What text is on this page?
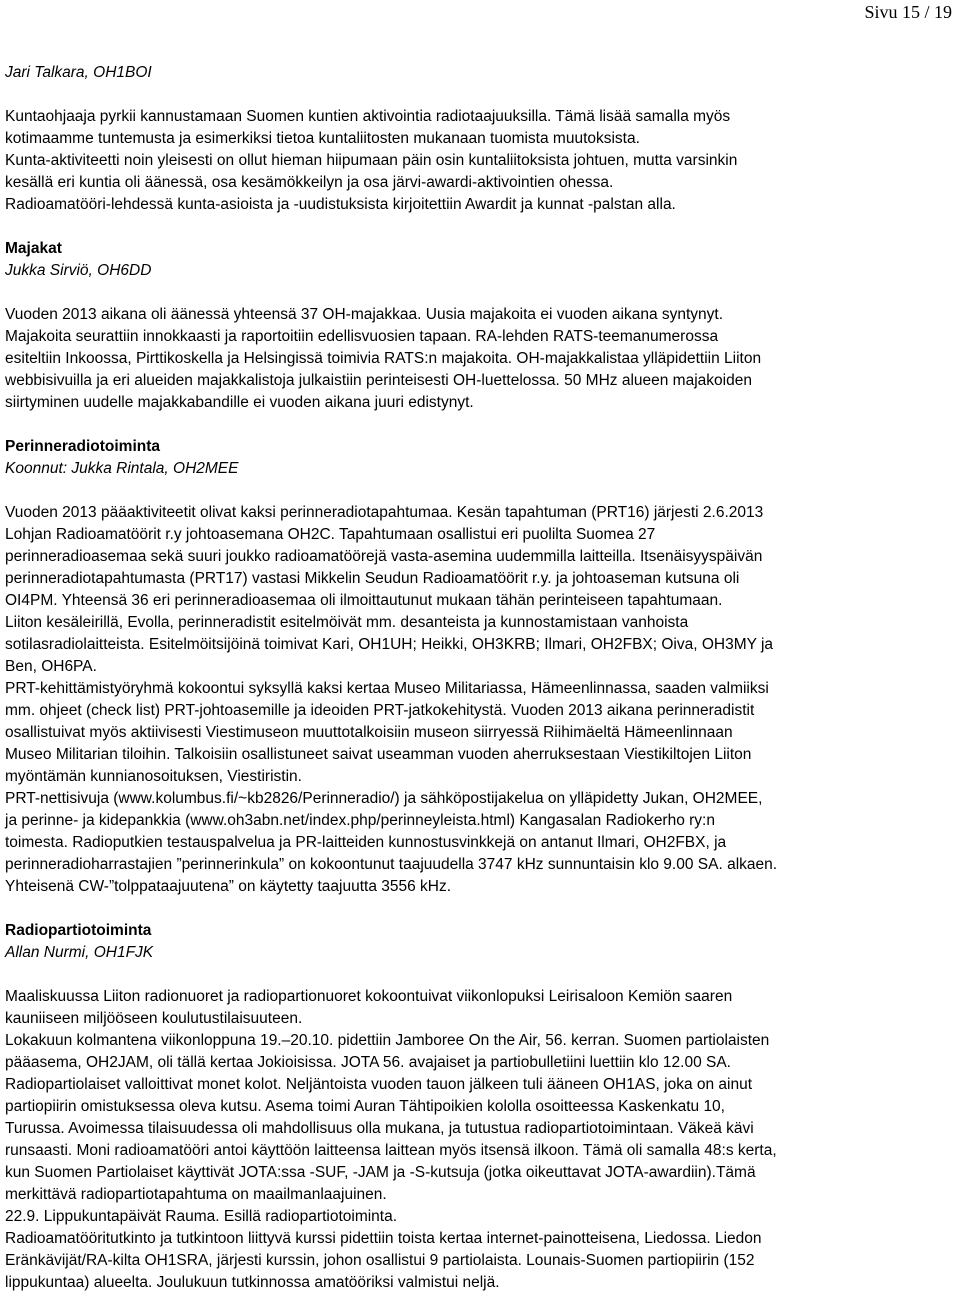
Sivu 15 / 19

Jari Talkara, OH1BOI

Kuntaohjaaja pyrkii kannustamaan Suomen kuntien aktivointia radiotaajuuksilla. Tämä lisää samalla myös
kotimaamme tuntemusta ja esimerkiksi tietoa kuntaliitosten mukanaan tuomista muutoksista.
Kunta-aktiviteetti noin yleisesti on ollut hieman hiipumaan päin osin kuntaliitoksista johtuen, mutta varsinkin
kesällä eri kuntia oli äänessä, osa kesämökkeilyn ja osa järvi-awardi-aktivointien ohessa.
Radioamatööri-lehdessä kunta-asioista ja -uudistuksista kirjoitettiin Awardit ja kunnat -palstan alla.

Majakat

Jukka Sirviö, OH6DD

Vuoden 2013 aikana oli äänessä yhteensä 37 OH-majakkaa. Uusia majakoita ei vuoden aikana syntynyt.
Majakoita seurattiin innokkaasti ja raportoitiin edellisvuosien tapaan. RA-lehden RATS-teemanumerossa
esiteltiin Inkoossa, Pirttikoskella ja Helsingissä toimivia RATS:n majakoita. OH-majakkalistaa ylläpidettiin Liiton
webbisivuilla ja eri alueiden majakkalistoja julkaistiin perinteisesti OH-luettelossa. 50 MHz alueen majakoiden
siirtyminen uudelle majakkabandille ei vuoden aikana juuri edistynyt.

Perinneradiotoiminta

Koonnut: Jukka Rintala, OH2MEE

Vuoden 2013 pääaktiviteetit olivat kaksi perinneradiotapahtumaa. Kesän tapahtuman (PRT16) järjesti 2.6.2013
Lohjan Radioamatöörit r.y johtoasemana OH2C. Tapahtumaan osallistui eri puolilta Suomea 27
perinneradioasemaa sekä suuri joukko radioamatöörejä vasta-asemina uudemmilla laitteilla. Itsenäisyyspäivän
perinneradiotapahtumasta (PRT17) vastasi Mikkelin Seudun Radioamatöörit r.y. ja johtoaseman kutsuna oli
OI4PM. Yhteensä 36 eri perinneradioasemaa oli ilmoittautunut mukaan tähän perinteiseen tapahtumaan.
Liiton kesäleirillä, Evolla, perinneradistit esitelmöivät mm. desanteista ja kunnostamistaan vanhoista
sotilasradiolaitteista. Esitelmöitsijöinä toimivat Kari, OH1UH; Heikki, OH3KRB; Ilmari, OH2FBX; Oiva, OH3MY ja
Ben, OH6PA.
PRT-kehittämistyöryhmä kokoontui syksyllä kaksi kertaa Museo Militariassa, Hämeenlinnassa, saaden valmiiksi
mm. ohjeet (check list) PRT-johtoasemille ja ideoiden PRT-jatkokehitystä. Vuoden 2013 aikana perinneradistit
osallistuivat myös aktiivisesti Viestimuseon muuttotalkoisiin museon siirryessä Riihimäeltä Hämeenlinnaan
Museo Militarian tiloihin. Talkoisiin osallistuneet saivat useamman vuoden aherruksestaan Viestikiltojen Liiton
myöntämän kunnianosoituksen, Viestiristin.
PRT-nettisivuja (www.kolumbus.fi/~kb2826/Perinneradio/) ja sähköpostijakelua on ylläpidetty Jukan, OH2MEE,
ja perinne- ja kidepankkia (www.oh3abn.net/index.php/perinneyleista.html) Kangasalan Radiokerho ry:n
toimesta. Radioputkien testauspalvelua ja PR-laitteiden kunnostusvinkkejä on antanut Ilmari, OH2FBX, ja
perinneradioharrastajien ”perinnerinkula” on kokoontunut taajuudella 3747 kHz sunnuntaisin klo 9.00 SA. alkaen.
Yhteisenä CW-”tolppataajuutena” on käytetty taajuutta 3556 kHz.

Radiopartiotoiminta

Allan Nurmi, OH1FJK

Maaliskuussa Liiton radionuoret ja radiopartionuoret kokoontuivat viikonlopuksi Leirisaloon Kemiön saaren
kauniiseen miljööseen koulutustilaisuuteen.
Lokakuun kolmantena viikonloppuna 19.–20.10. pidettiin Jamboree On the Air, 56. kerran. Suomen partiolaisten
pääasema, OH2JAM, oli tällä kertaa Jokioisissa. JOTA 56. avajaiset ja partiobulletiini luettiin klo 12.00 SA.
Radiopartiolaiset valloittivat monet kolot. Neljäntoista vuoden tauon jälkeen tuli ääneen OH1AS, joka on ainut
partiopiirin omistuksessa oleva kutsu. Asema toimi Auran Tähtipoikien kololla osoitteessa Kaskenkatu 10,
Turussa. Avoimessa tilaisuudessa oli mahdollisuus olla mukana, ja tutustua radiopartiotoimintaan. Väkeä kävi
runsaasti. Moni radioamatööri antoi käyttöön laitteensa laittean myös itsensä ilkoon. Tämä oli samalla 48:s kerta,
kun Suomen Partiolaiset käyttivät JOTA:ssa -SUF, -JAM ja -S-kutsuja (jotka oikeuttavat JOTA-awardiin).Tämä
merkittävä radiopartiotapahtuma on maailmanlaajuinen.
22.9. Lippukuntapäivät Rauma. Esillä radiopartiotoiminta.
Radioamatööritutkinto ja tutkintoon liittyvä kurssi pidettiin toista kertaa internet-painotteisena, Liedossa. Liedon
Eränkävijät/RA-kilta OH1SRA, järjesti kurssin, johon osallistui 9 partiolaista. Lounais-Suomen partiopiirin (152
lippukuntaa) alueelta. Joulukuun tutkinnossa amatööriksi valmistui neljä.
